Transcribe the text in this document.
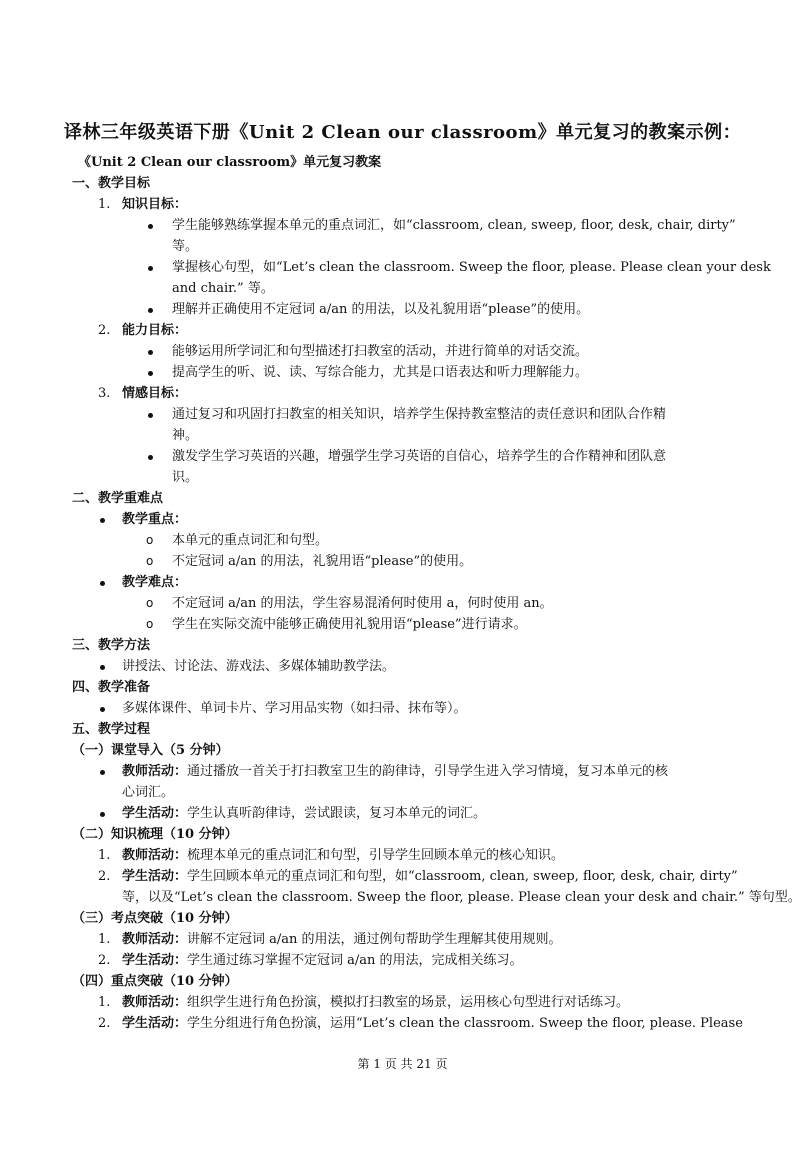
译林三年级英语下册《Unit 2 Clean our classroom》单元复习的教案示例：
《Unit 2 Clean our classroom》单元复习教案
一、教学目标
1. 知识目标：
学生能够熟练掌握本单元的重点词汇，如“classroom, clean, sweep, floor, desk, chair, dirty”
等。
掌握核心句型，如“Let’s clean the classroom. Sweep the floor, please. Please clean your desk
and chair.” 等。
理解并正确使用不定冠词 a/an 的用法，以及礼貌用语“please”的使用。
2. 能力目标：
能够运用所学词汇和句型描述打扫教室的活动，并进行简单的对话交流。
提高学生的听、说、读、写综合能力，尤其是口语表达和听力理解能力。
3. 情感目标：
通过复习和巩固打扫教室的相关知识，培养学生保持教室整洁的责任意识和团队合作精
神。
激发学生学习英语的兴趣，增强学生学习英语的自信心，培养学生的合作精神和团队意
识。
二、教学重难点
教学重点：
o 本单元的重点词汇和句型。
o 不定冠词 a/an 的用法，礼貌用语“please”的使用。
教学难点：
o 不定冠词 a/an 的用法，学生容易混淆何时使用 a，何时使用 an。
o 学生在实际交流中能够正确使用礼貌用语“please”进行请求。
三、教学方法
讲授法、讨论法、游戏法、多媒体辅助教学法。
四、教学准备
多媒体课件、单词卡片、学习用品实物（如扫帚、抹布等）。
五、教学过程
（一）课堂导入（5 分钟）
教师活动：通过播放一首关于打扫教室卫生的韵律诗，引导学生进入学习情境，复习本单元的核
心词汇。
学生活动：学生认真听韵律诗，尝试跟读，复习本单元的词汇。
（二）知识梳理（10 分钟）
1. 教师活动：梳理本单元的重点词汇和句型，引导学生回顾本单元的核心知识。
2. 学生活动：学生回顾本单元的重点词汇和句型，如“classroom, clean, sweep, floor, desk, chair, dirty”
等，以及“Let’s clean the classroom. Sweep the floor, please. Please clean your desk and chair.” 等句型。
（三）考点突破（10 分钟）
1. 教师活动：讲解不定冠词 a/an 的用法，通过例句帮助学生理解其使用规则。
2. 学生活动：学生通过练习掌握不定冠词 a/an 的用法，完成相关练习。
（四）重点突破（10 分钟）
1. 教师活动：组织学生进行角色扮演，模拟打扫教室的场景，运用核心句型进行对话练习。
2. 学生活动：学生分组进行角色扮演，运用“Let’s clean the classroom. Sweep the floor, please. Please
第 1 页 共 21 页
